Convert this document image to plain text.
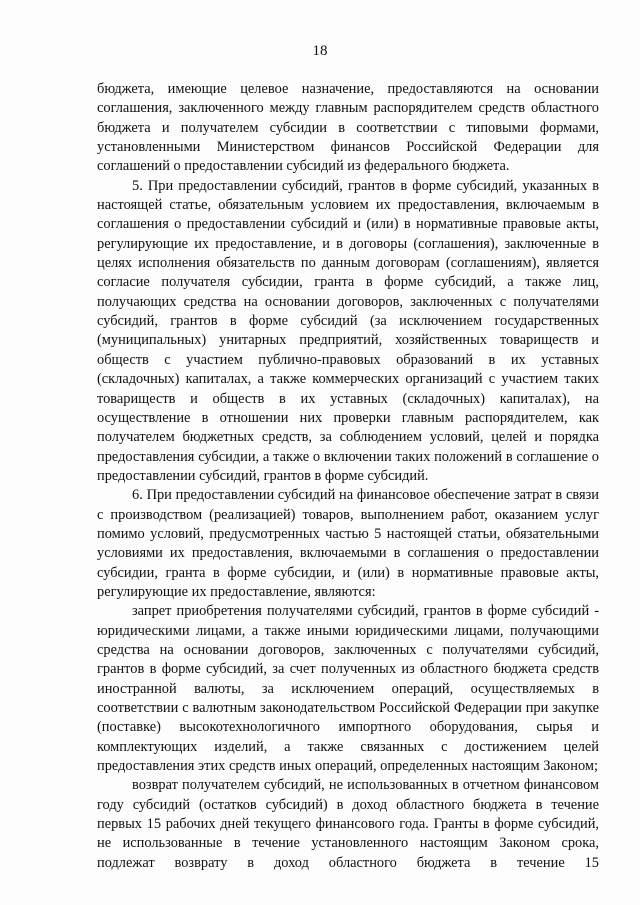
18

бюджета, имеющие целевое назначение, предоставляются на основании соглашения, заключенного между главным распорядителем средств областного бюджета и получателем субсидии в соответствии с типовыми формами, установленными Министерством финансов Российской Федерации для соглашений о предоставлении субсидий из федерального бюджета.

5. При предоставлении субсидий, грантов в форме субсидий, указанных в настоящей статье, обязательным условием их предоставления, включаемым в соглашения о предоставлении субсидий и (или) в нормативные правовые акты, регулирующие их предоставление, и в договоры (соглашения), заключенные в целях исполнения обязательств по данным договорам (соглашениям), является согласие получателя субсидии, гранта в форме субсидий, а также лиц, получающих средства на основании договоров, заключенных с получателями субсидий, грантов в форме субсидий (за исключением государственных (муниципальных) унитарных предприятий, хозяйственных товариществ и обществ с участием публично-правовых образований в их уставных (складочных) капиталах, а также коммерческих организаций с участием таких товариществ и обществ в их уставных (складочных) капиталах), на осуществление в отношении них проверки главным распорядителем, как получателем бюджетных средств, за соблюдением условий, целей и порядка предоставления субсидии, а также о включении таких положений в соглашение о предоставлении субсидий, грантов в форме субсидий.

6. При предоставлении субсидий на финансовое обеспечение затрат в связи с производством (реализацией) товаров, выполнением работ, оказанием услуг помимо условий, предусмотренных частью 5 настоящей статьи, обязательными условиями их предоставления, включаемыми в соглашения о предоставлении субсидии, гранта в форме субсидии, и (или) в нормативные правовые акты, регулирующие их предоставление, являются:

запрет приобретения получателями субсидий, грантов в форме субсидий - юридическими лицами, а также иными юридическими лицами, получающими средства на основании договоров, заключенных с получателями субсидий, грантов в форме субсидий, за счет полученных из областного бюджета средств иностранной валюты, за исключением операций, осуществляемых в соответствии с валютным законодательством Российской Федерации при закупке (поставке) высокотехнологичного импортного оборудования, сырья и комплектующих изделий, а также связанных с достижением целей предоставления этих средств иных операций, определенных настоящим Законом;

возврат получателем субсидий, не использованных в отчетном финансовом году субсидий (остатков субсидий) в доход областного бюджета в течение первых 15 рабочих дней текущего финансового года. Гранты в форме субсидий, не использованные в течение установленного настоящим Законом срока, подлежат возврату в доход областного бюджета в течение 15
